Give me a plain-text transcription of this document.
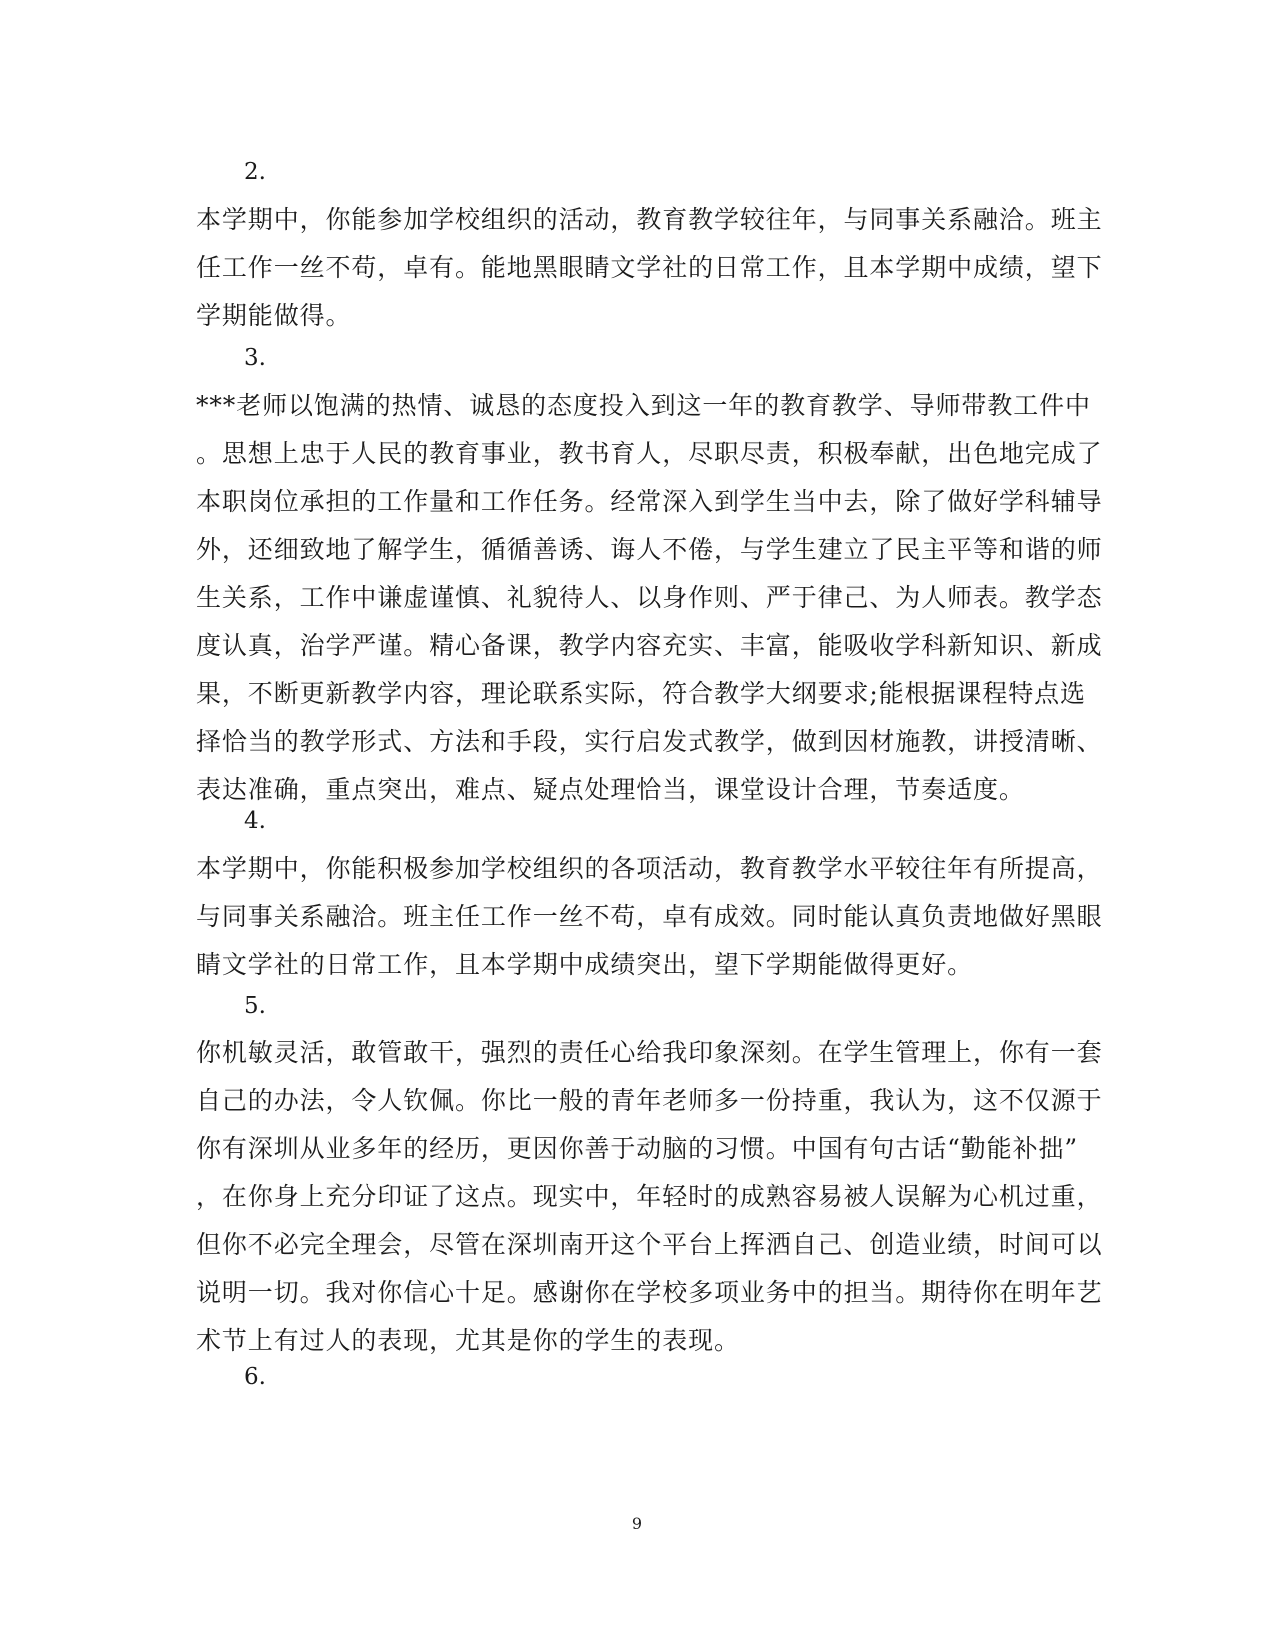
2.

本学期中，你能参加学校组织的活动，教育教学较往年，与同事关系融洽。班主
任工作一丝不苟，卓有。能地黑眼睛文学社的日常工作，且本学期中成绩，望下
学期能做得。

3.

***老师以饱满的热情、诚恳的态度投入到这一年的教育教学、导师带教工件中
。思想上忠于人民的教育事业，教书育人，尽职尽责，积极奉献，出色地完成了
本职岗位承担的工作量和工作任务。经常深入到学生当中去，除了做好学科辅导
外，还细致地了解学生，循循善诱、诲人不倦，与学生建立了民主平等和谐的师
生关系，工作中谦虚谨慎、礼貌待人、以身作则、严于律己、为人师表。教学态
度认真，治学严谨。精心备课，教学内容充实、丰富，能吸收学科新知识、新成
果，不断更新教学内容，理论联系实际，符合教学大纲要求;能根据课程特点选
择恰当的教学形式、方法和手段，实行启发式教学，做到因材施教，讲授清晰、
表达准确，重点突出，难点、疑点处理恰当，课堂设计合理，节奏适度。

4.

本学期中，你能积极参加学校组织的各项活动，教育教学水平较往年有所提高，
与同事关系融洽。班主任工作一丝不苟，卓有成效。同时能认真负责地做好黑眼
睛文学社的日常工作，且本学期中成绩突出，望下学期能做得更好。

5.

你机敏灵活，敢管敢干，强烈的责任心给我印象深刻。在学生管理上，你有一套
自己的办法，令人钦佩。你比一般的青年老师多一份持重，我认为，这不仅源于
你有深圳从业多年的经历，更因你善于动脑的习惯。中国有句古话“勤能补拙”
，在你身上充分印证了这点。现实中，年轻时的成熟容易被人误解为心机过重，
但你不必完全理会，尽管在深圳南开这个平台上挥洒自己、创造业绩，时间可以
说明一切。我对你信心十足。感谢你在学校多项业务中的担当。期待你在明年艺
术节上有过人的表现，尤其是你的学生的表现。

6.

9
